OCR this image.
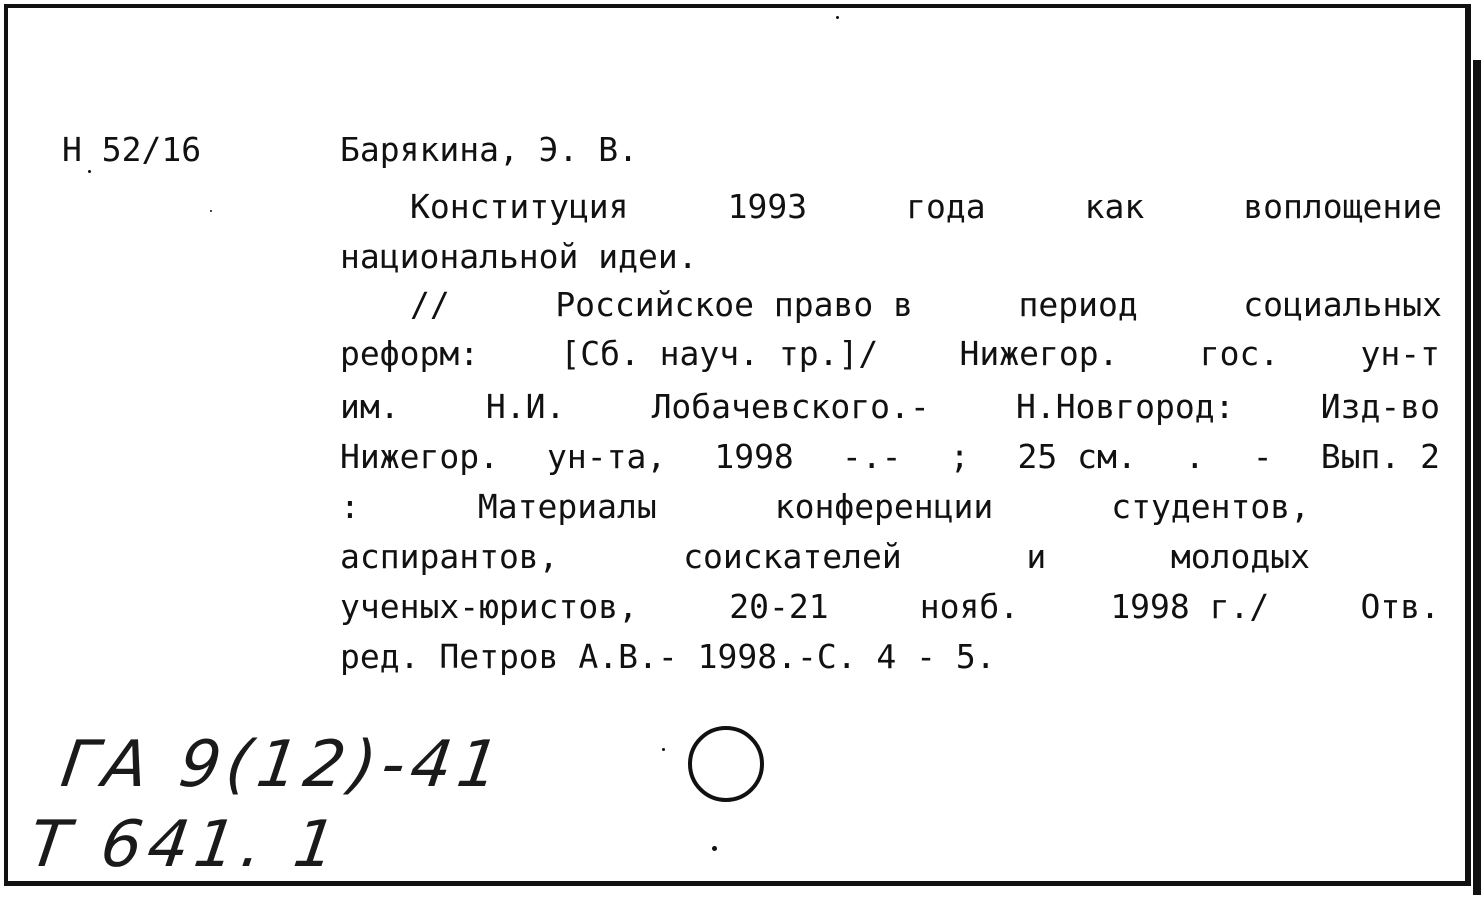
Н 52/16	Барякина, Э. В.
Конституция	1993	года	как	воплощение
национальной идеи.
//	Российское право в	период	социальных
реформ: [Сб. науч. тр.]/ Нижегор. гос. ун-т
им.	Н.И.	Лобачевского.-	Н.Новгород:	Изд-во
Нижегор. ун-та, 1998 -.- ; 25 см. . - Вып. 2
:	Материалы	конференции	студентов,
аспирантов,	соискателей	и	молодых
ученых-юристов,	20-21	нояб.	1998 г./	Отв.
ред. Петров А.В.- 1998.-С. 4 - 5.
ГА 9(12)-41
Т 641. 1
